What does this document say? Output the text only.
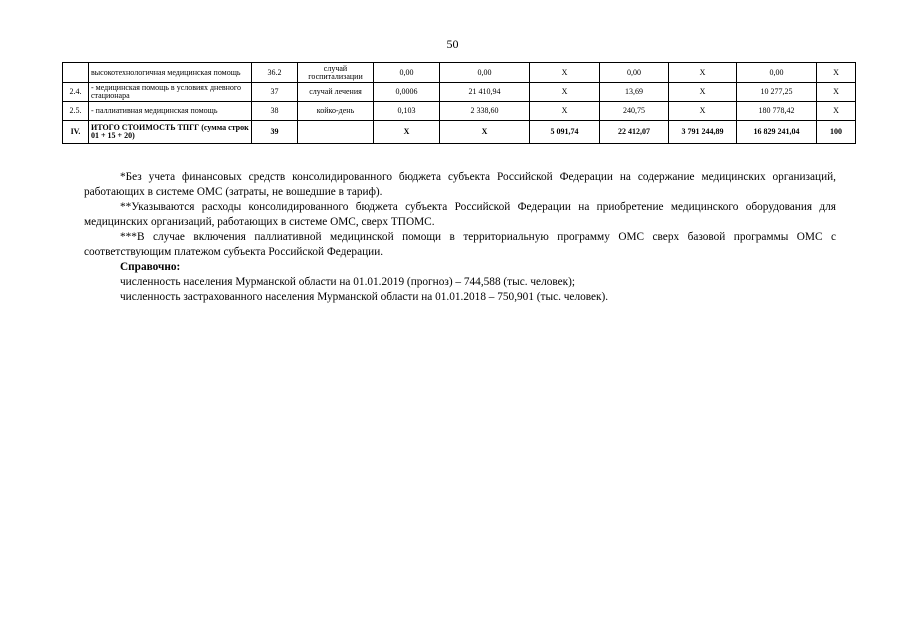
50
	высокотехнологичная медицинская помощь	36.2	случай госпитализации	0,00	0,00	X	0,00	X	0,00	X
2.4.	- медицинская помощь в условиях дневного стационара	37	случай лечения	0,0006	21 410,94	X	13,69	X	10 277,25	X
2.5.	- паллиативная медицинская помощь	38	койко-день	0,103	2 338,60	X	240,75	X	180 778,42	X
IV.	ИТОГО СТОИМОСТЬ ТПГГ (сумма строк 01 + 15 + 20)	39		X	X	5 091,74	22 412,07	3 791 244,89	16 829 241,04	100

*Без учета финансовых средств консолидированного бюджета субъекта Российской Федерации на содержание медицинских организаций, работающих в системе ОМС (затраты, не вошедшие в тариф).

**Указываются расходы консолидированного бюджета субъекта Российской Федерации на приобретение медицинского оборудования для медицинских организаций, работающих в системе ОМС, сверх ТПОМС.

***В случае включения паллиативной медицинской помощи в территориальную программу ОМС сверх базовой программы ОМС с соответствующим платежом субъекта Российской Федерации.

Справочно:

численность населения Мурманской области на 01.01.2019 (прогноз) – 744,588 (тыс. человек);

численность застрахованного населения Мурманской области на 01.01.2018 – 750,901 (тыс. человек).
